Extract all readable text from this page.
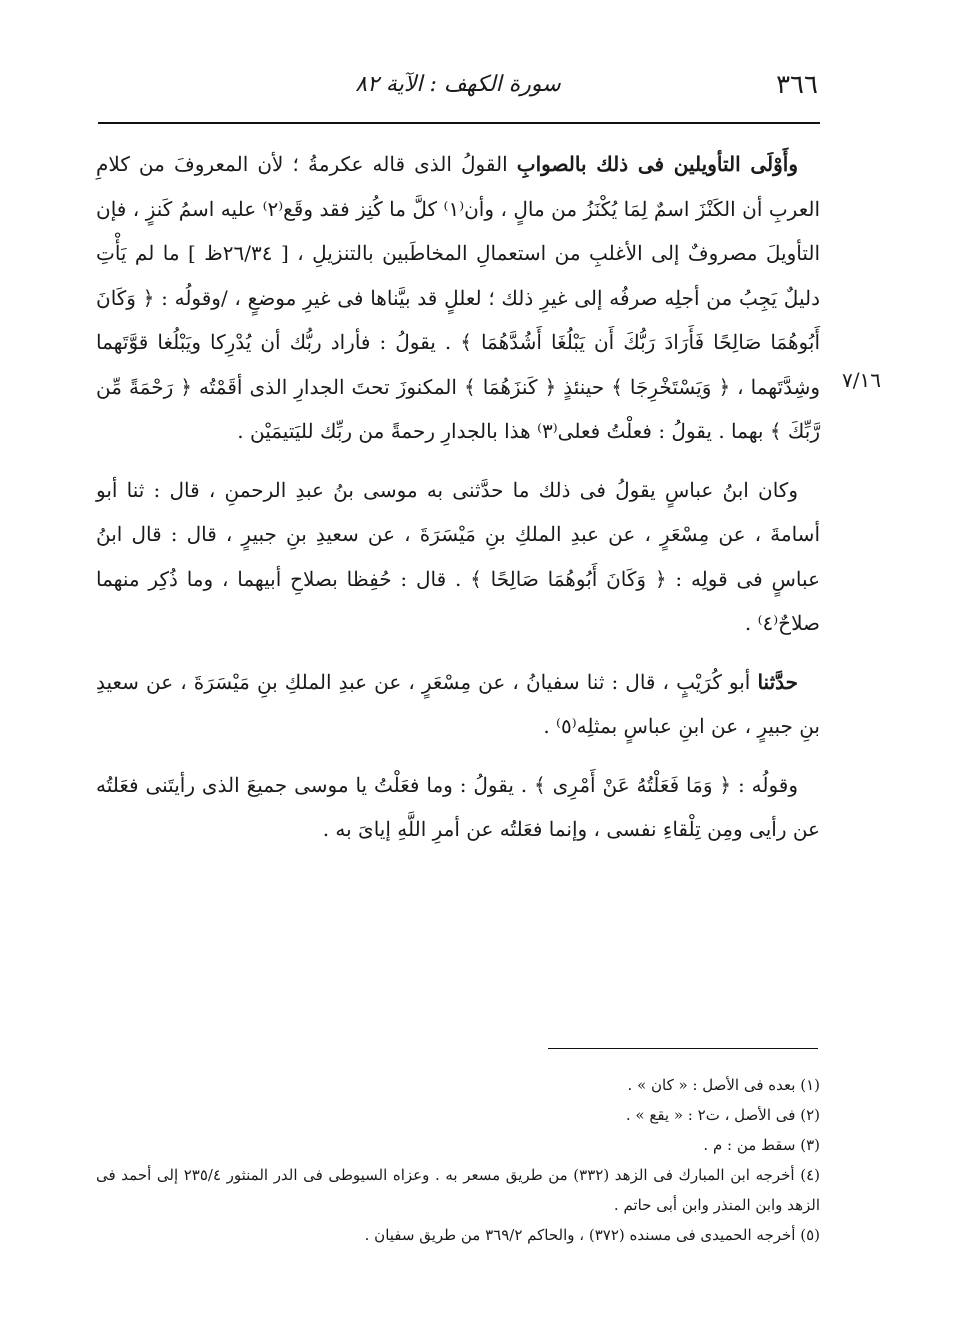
٣٦٦
سورة الكهف : الآية ٨٢
٧/١٦

وأَوْلَى التأويلين فى ذلك بالصوابِ القولُ الذى قاله عكرمةُ ؛ لأن المعروفَ من كلامِ العربِ أن الكَنْزَ اسمٌ لِمَا يُكْنَزُ من مالٍ ، وأن⁽١⁾ كلَّ ما كُنِز فقد وقَع⁽٢⁾ عليه اسمُ كَنزٍ ، فإن التأويلَ مصروفٌ إلى الأغلبِ من استعمالِ المخاطَبين بالتنزيلِ ، [ ٢٦/٣٤ظ ] ما لم يَأْتِ دليلٌ يَجِبُ من أجلِه صرفُه إلى غيرِ ذلك ؛ لعللٍ قد بيَّناها فى غيرِ موضعٍ ، /وقولُه : ﴿ وَكَانَ أَبُوهُمَا صَالِحًا فَأَرَادَ رَبُّكَ أَن يَبْلُغَا أَشُدَّهُمَا ﴾ . يقولُ : فأراد ربُّك أن يُدْرِكا ويَبْلُغا قوَّتَهما وشِدَّتَهما ، ﴿ وَيَسْتَخْرِجَا ﴾ حينئذٍ ﴿ كَنزَهُمَا ﴾ المكنوزَ تحتَ الجدارِ الذى أقَمْتُه ﴿ رَحْمَةً مِّن رَّبِّكَ ﴾ بهما . يقولُ : فعلْتُ فعلى⁽٣⁾ هذا بالجدارِ رحمةً من ربِّك لليَتيمَيْن .

وكان ابنُ عباسٍ يقولُ فى ذلك ما حدَّثنى به موسى بنُ عبدِ الرحمنِ ، قال : ثنا أبو أسامةَ ، عن مِسْعَرٍ ، عن عبدِ الملكِ بنِ مَيْسَرَةَ ، عن سعيدِ بنِ جبيرٍ ، قال : قال ابنُ عباسٍ فى قولِه : ﴿ وَكَانَ أَبُوهُمَا صَالِحًا ﴾ . قال : حُفِظا بصلاحِ أبيهما ، وما ذُكِر منهما صلاحٌ⁽٤⁾ .

حدَّثنا أبو كُرَيْبٍ ، قال : ثنا سفيانُ ، عن مِسْعَرٍ ، عن عبدِ الملكِ بنِ مَيْسَرَةَ ، عن سعيدِ بنِ جبيرٍ ، عن ابنِ عباسٍ بمثلِه⁽٥⁾ .

وقولُه : ﴿ وَمَا فَعَلْتُهُ عَنْ أَمْرِى ﴾ . يقولُ : وما فعَلْتُ يا موسى جميعَ الذى رأيتَنى فعَلتُه عن رأيى ومِن تِلْقاءِ نفسى ، وإنما فعَلتُه عن أمرِ اللَّهِ إياىَ به .

(١) بعده فى الأصل : « كان » .

(٢) فى الأصل ، ت٢ : « يقع » .

(٣) سقط من : م .

(٤) أخرجه ابن المبارك فى الزهد (٣٣٢) من طريق مسعر به . وعزاه السيوطى فى الدر المنثور ٢٣٥/٤ إلى أحمد فى الزهد وابن المنذر وابن أبى حاتم .

(٥) أخرجه الحميدى فى مسنده (٣٧٢) ، والحاكم ٣٦٩/٢ من طريق سفيان .
